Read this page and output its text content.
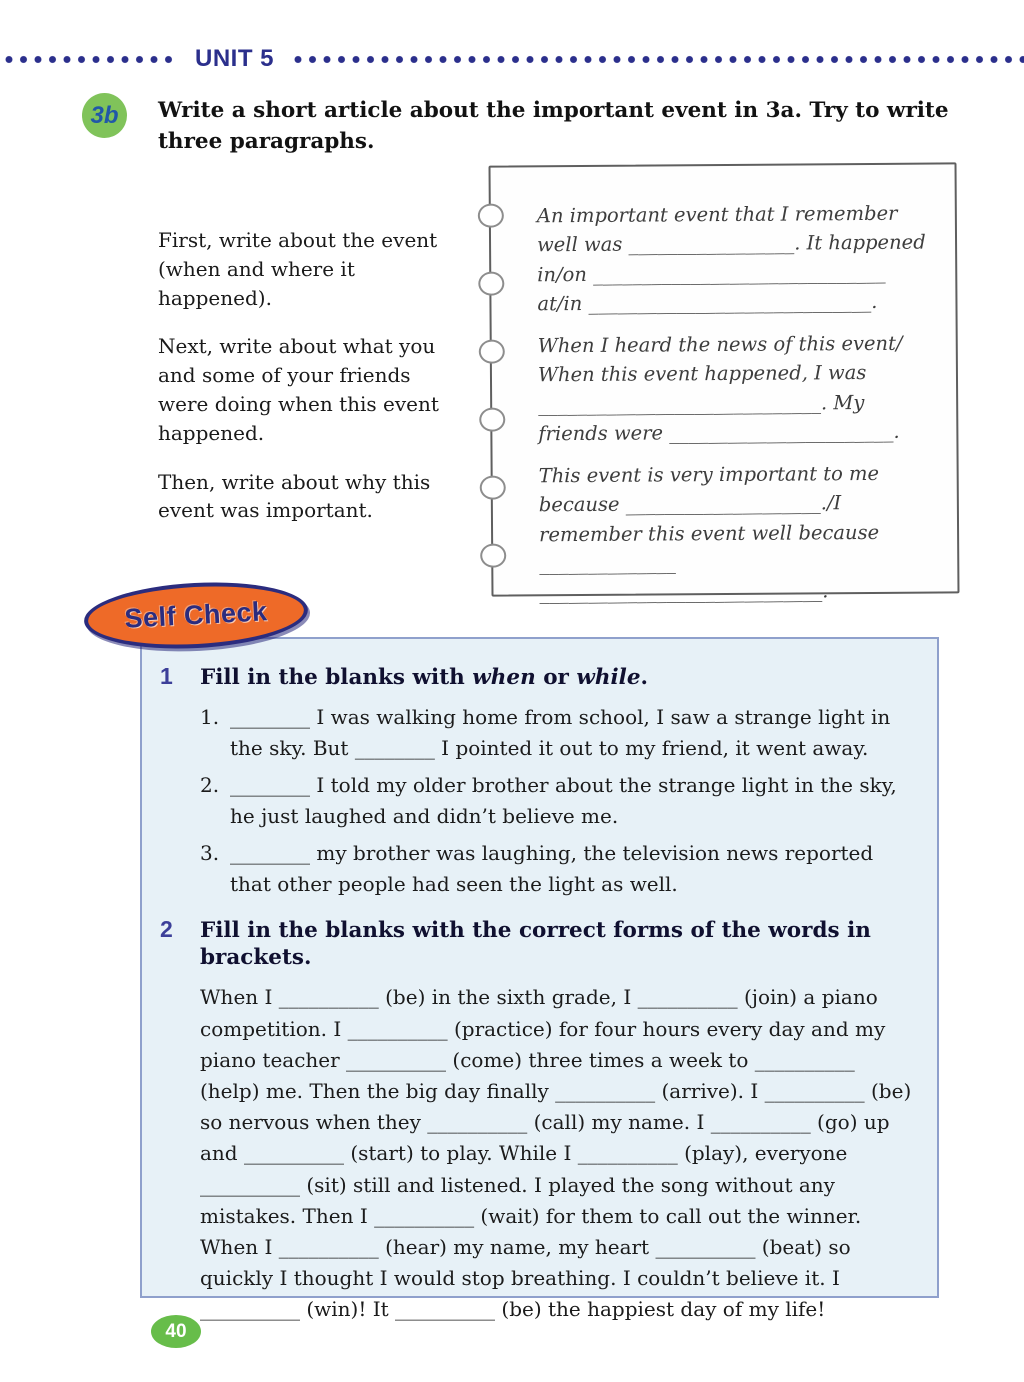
UNIT 5
3b	Write a short article about the important event in 3a. Try to write three paragraphs.

First, write about the event (when and where it happened).

Next, write about what you and some of your friends were doing when this event happened.

Then, write about why this event was important.

An important event that I remember well was _________________. It happened in/on ______________________________ at/in _____________________________.

When I heard the news of this event/ When this event happened, I was _____________________________. My friends were _______________________.

This event is very important to me because ____________________./I remember this event well because ______________ _____________________________.

Self Check
1	Fill in the blanks with when or while.
1. ________ I was walking home from school, I saw a strange light in the sky. But ________ I pointed it out to my friend, it went away.
2. ________ I told my older brother about the strange light in the sky, he just laughed and didn’t believe me.
3. ________ my brother was laughing, the television news reported that other people had seen the light as well.
2	Fill in the blanks with the correct forms of the words in brackets.
When I __________ (be) in the sixth grade, I __________ (join) a piano competition. I __________ (practice) for four hours every day and my piano teacher __________ (come) three times a week to __________ (help) me. Then the big day finally __________ (arrive). I __________ (be) so nervous when they __________ (call) my name. I __________ (go) up and __________ (start) to play. While I __________ (play), everyone __________ (sit) still and listened. I played the song without any mistakes. Then I __________ (wait) for them to call out the winner. When I __________ (hear) my name, my heart __________ (beat) so quickly I thought I would stop breathing. I couldn’t believe it. I __________ (win)! It __________ (be) the happiest day of my life!
40
